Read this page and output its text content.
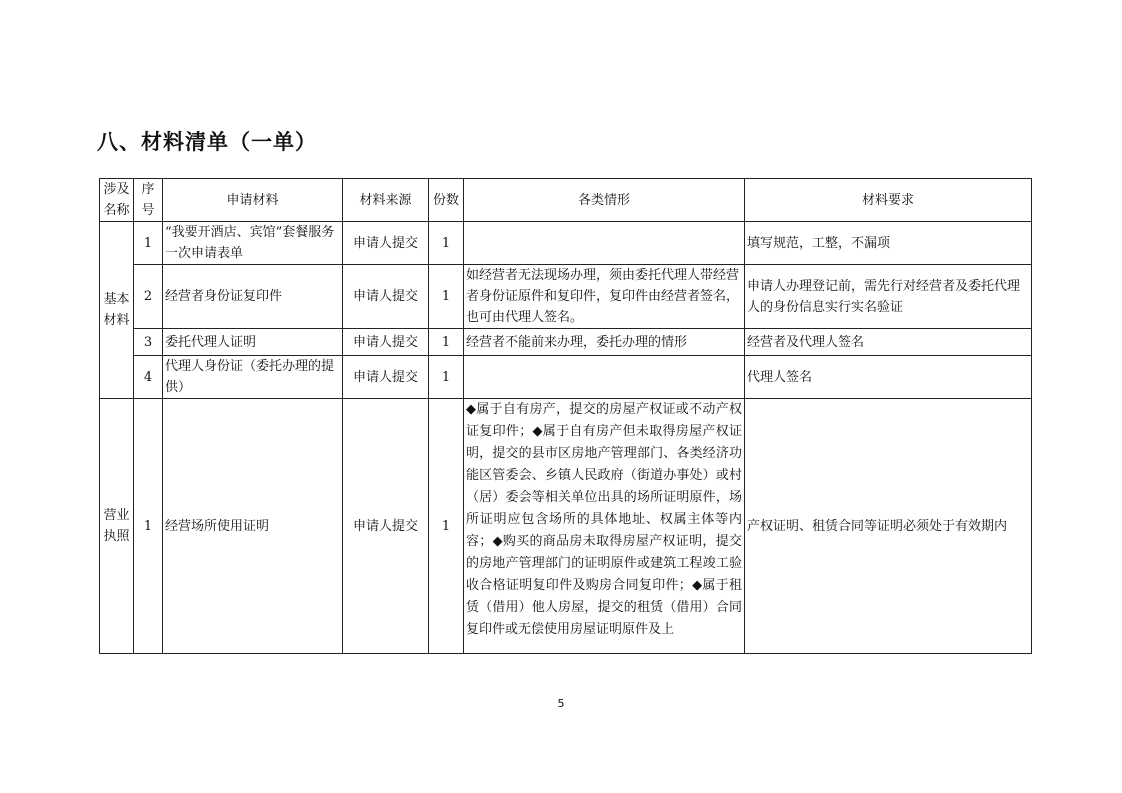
八、材料清单（一单）
涉及名称	序号	申请材料	材料来源	份数	各类情形	材料要求
基本材料	1	“我要开酒店、宾馆”套餐服务一次申请表单	申请人提交	1		填写规范，工整，不漏项
	2	经营者身份证复印件	申请人提交	1	如经营者无法现场办理，须由委托代理人带经营者身份证原件和复印件，复印件由经营者签名，也可由代理人签名。	申请人办理登记前，需先行对经营者及委托代理人的身份信息实行实名验证
	3	委托代理人证明	申请人提交	1	经营者不能前来办理，委托办理的情形	经营者及代理人签名
	4	代理人身份证（委托办理的提供）	申请人提交	1		代理人签名
营业执照	1	经营场所使用证明	申请人提交	1	◆属于自有房产，提交的房屋产权证或不动产权证复印件；◆属于自有房产但未取得房屋产权证明，提交的县市区房地产管理部门、各类经济功能区管委会、乡镇人民政府（街道办事处）或村（居）委会等相关单位出具的场所证明原件，场所证明应包含场所的具体地址、权属主体等内容；◆购买的商品房未取得房屋产权证明，提交的房地产管理部门的证明原件或建筑工程竣工验收合格证明复印件及购房合同复印件；◆属于租赁（借用）他人房屋，提交的租赁（借用）合同复印件或无偿使用房屋证明原件及上	产权证明、租赁合同等证明必须处于有效期内
5
